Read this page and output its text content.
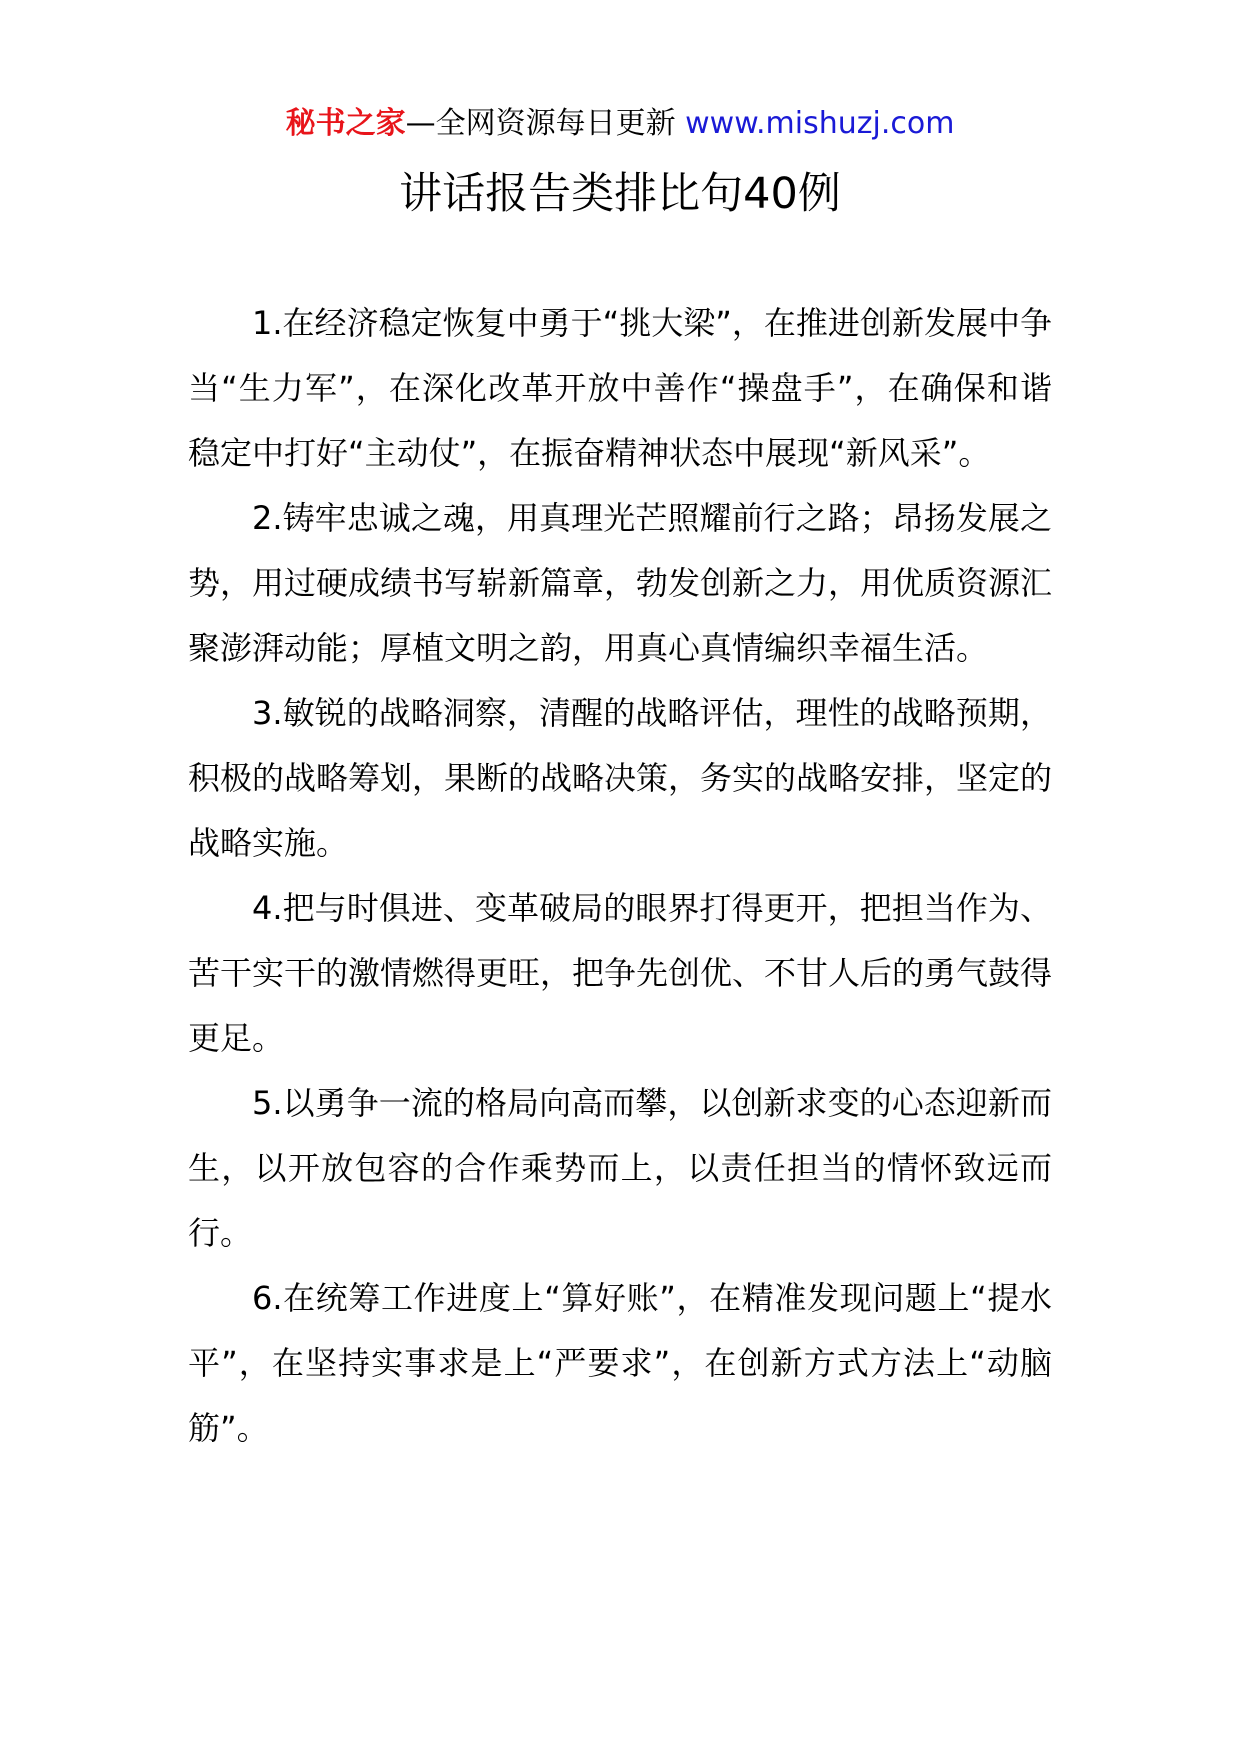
秘书之家—全网资源每日更新 www.mishuzj.com
讲话报告类排比句40例

1.在经济稳定恢复中勇于“挑大梁”，在推进创新发展中争当“生力军”，在深化改革开放中善作“操盘手”，在确保和谐稳定中打好“主动仗”，在振奋精神状态中展现“新风采”。

2.铸牢忠诚之魂，用真理光芒照耀前行之路；昂扬发展之势，用过硬成绩书写崭新篇章，勃发创新之力，用优质资源汇聚澎湃动能；厚植文明之韵，用真心真情编织幸福生活。

3.敏锐的战略洞察，清醒的战略评估，理性的战略预期，积极的战略筹划，果断的战略决策，务实的战略安排，坚定的战略实施。

4.把与时俱进、变革破局的眼界打得更开，把担当作为、苦干实干的激情燃得更旺，把争先创优、不甘人后的勇气鼓得更足。

5.以勇争一流的格局向高而攀，以创新求变的心态迎新而生，以开放包容的合作乘势而上，以责任担当的情怀致远而行。

6.在统筹工作进度上“算好账”，在精准发现问题上“提水平”，在坚持实事求是上“严要求”，在创新方式方法上“动脑筋”。
